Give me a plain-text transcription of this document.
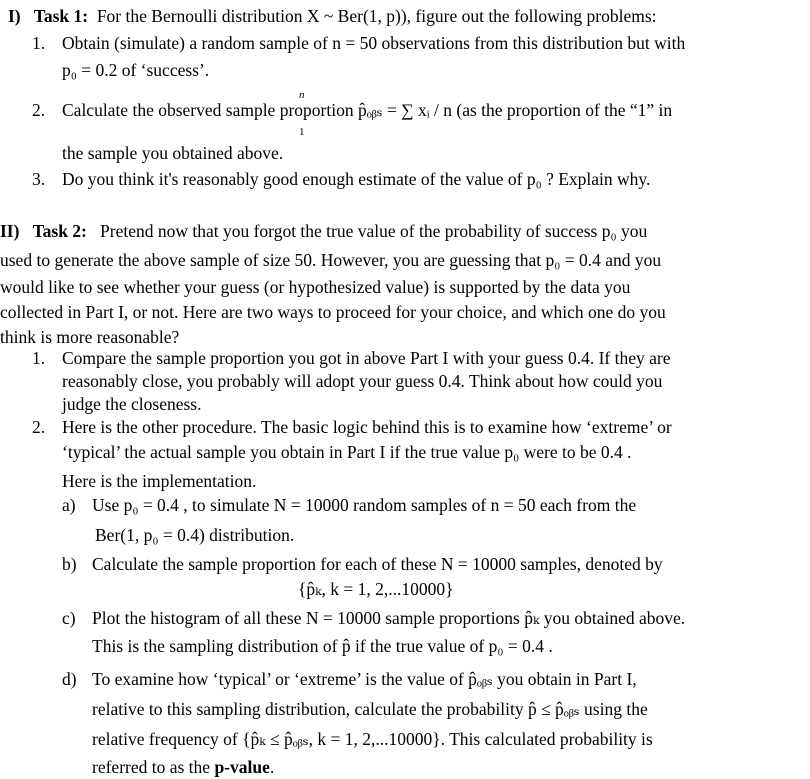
I) Task 1: For the Bernoulli distribution X ~ Ber(1, p)), figure out the following problems:
1. Obtain (simulate) a random sample of n = 50 observations from this distribution but with
p₀ = 0.2 of ‘success’.
n
2. Calculate the observed sample proportion p̂ₒᵦₛ = ∑ xᵢ / n (as the proportion of the “1” in
1
the sample you obtained above.
3. Do you think it's reasonably good enough estimate of the value of p₀ ? Explain why.
II) Task 2: Pretend now that you forgot the true value of the probability of success p₀ you
used to generate the above sample of size 50. However, you are guessing that p₀ = 0.4 and you
would like to see whether your guess (or hypothesized value) is supported by the data you
collected in Part I, or not. Here are two ways to proceed for your choice, and which one do you
think is more reasonable?
1. Compare the sample proportion you got in above Part I with your guess 0.4. If they are
reasonably close, you probably will adopt your guess 0.4. Think about how could you
judge the closeness.
2. Here is the other procedure. The basic logic behind this is to examine how ‘extreme’ or
‘typical’ the actual sample you obtain in Part I if the true value p₀ were to be 0.4 .
Here is the implementation.
a) Use p₀ = 0.4 , to simulate N = 10000 random samples of n = 50 each from the
Ber(1, p₀ = 0.4) distribution.
b) Calculate the sample proportion for each of these N = 10000 samples, denoted by
{p̂ₖ, k = 1, 2,...10000}
c) Plot the histogram of all these N = 10000 sample proportions p̂ₖ you obtained above.
This is the sampling distribution of p̂ if the true value of p₀ = 0.4 .
d) To examine how ‘typical’ or ‘extreme’ is the value of p̂ₒᵦₛ you obtain in Part I,
relative to this sampling distribution, calculate the probability p̂ ≤ p̂ₒᵦₛ using the
relative frequency of {p̂ₖ ≤ p̂ₒᵦₛ, k = 1, 2,...10000}. This calculated probability is
referred to as the p-value.
